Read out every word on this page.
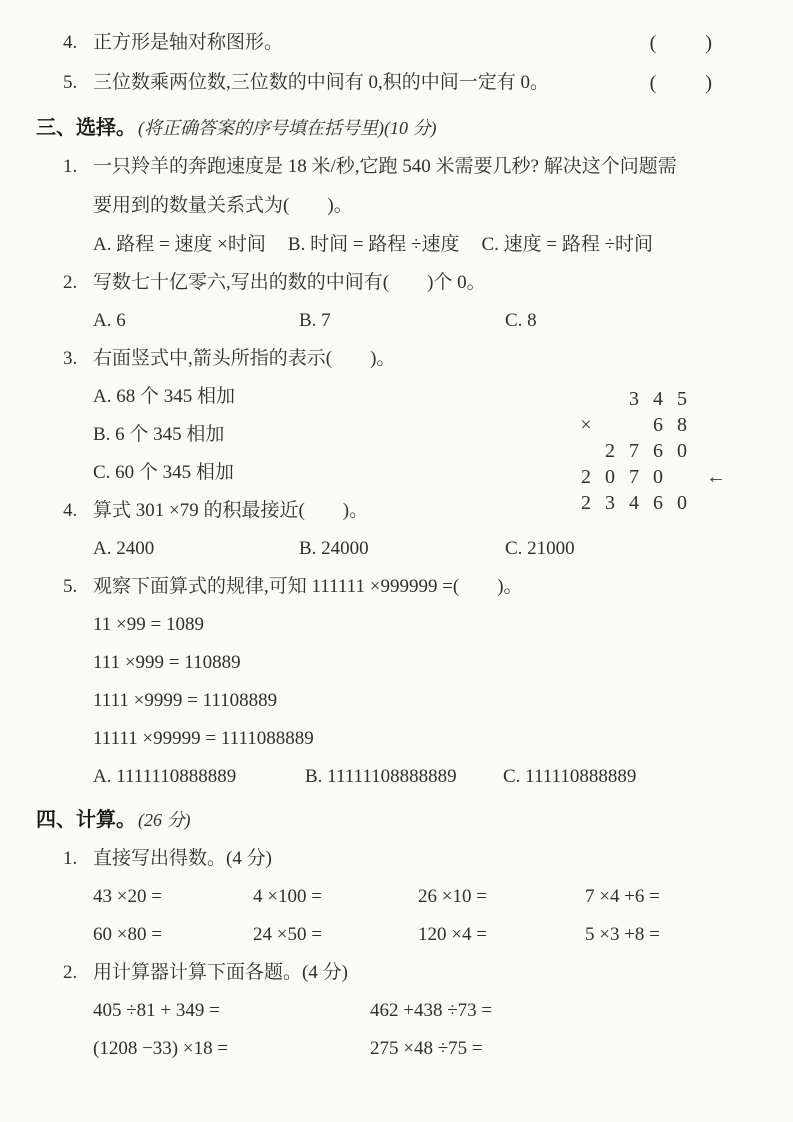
4. 正方形是轴对称图形。	(        )
5. 三位数乘两位数,三位数的中间有 0,积的中间一定有 0。	(        )
三、选择。 (将正确答案的序号填在括号里)(10 分)
1. 一只羚羊的奔跑速度是 18 米/秒,它跑 540 米需要几秒? 解决这个问题需
要用到的数量关系式为(        )。
A. 路程 = 速度 ×时间 B. 时间 = 路程 ÷速度 C. 速度 = 路程 ÷时间
2. 写数七十亿零六,写出的数的中间有(        )个 0。
A. 6	B. 7	C. 8
3. 右面竖式中,箭头所指的表示(        )。
A. 68 个 345 相加
B. 6 个 345 相加
C. 60 个 345 相加
4. 算式 301 ×79 的积最接近(        )。
A. 2400	B. 24000	C. 21000
5. 观察下面算式的规律,可知 111111 ×999999 =(        )。
11 ×99 = 1089
111 ×999 = 110889
1111 ×9999 = 11108889
11111 ×99999 = 1111088889
A. 1111110888889	B. 11111108888889	C. 111110888889
四、计算。 (26 分)
1. 直接写出得数。(4 分)
43 ×20 =	4 ×100 =	26 ×10 =	7 ×4 +6 =
60 ×80 =	24 ×50 =	120 ×4 =	5 ×3 +8 =
2. 用计算器计算下面各题。(4 分)
405 ÷81 + 349 =	462 +438 ÷73 =
(1208 −33) ×18 =	275 ×48 ÷75 =
3 4 5
×	6 8
2 7 6 0
2 0 7 0	←
2 3 4 6 0
